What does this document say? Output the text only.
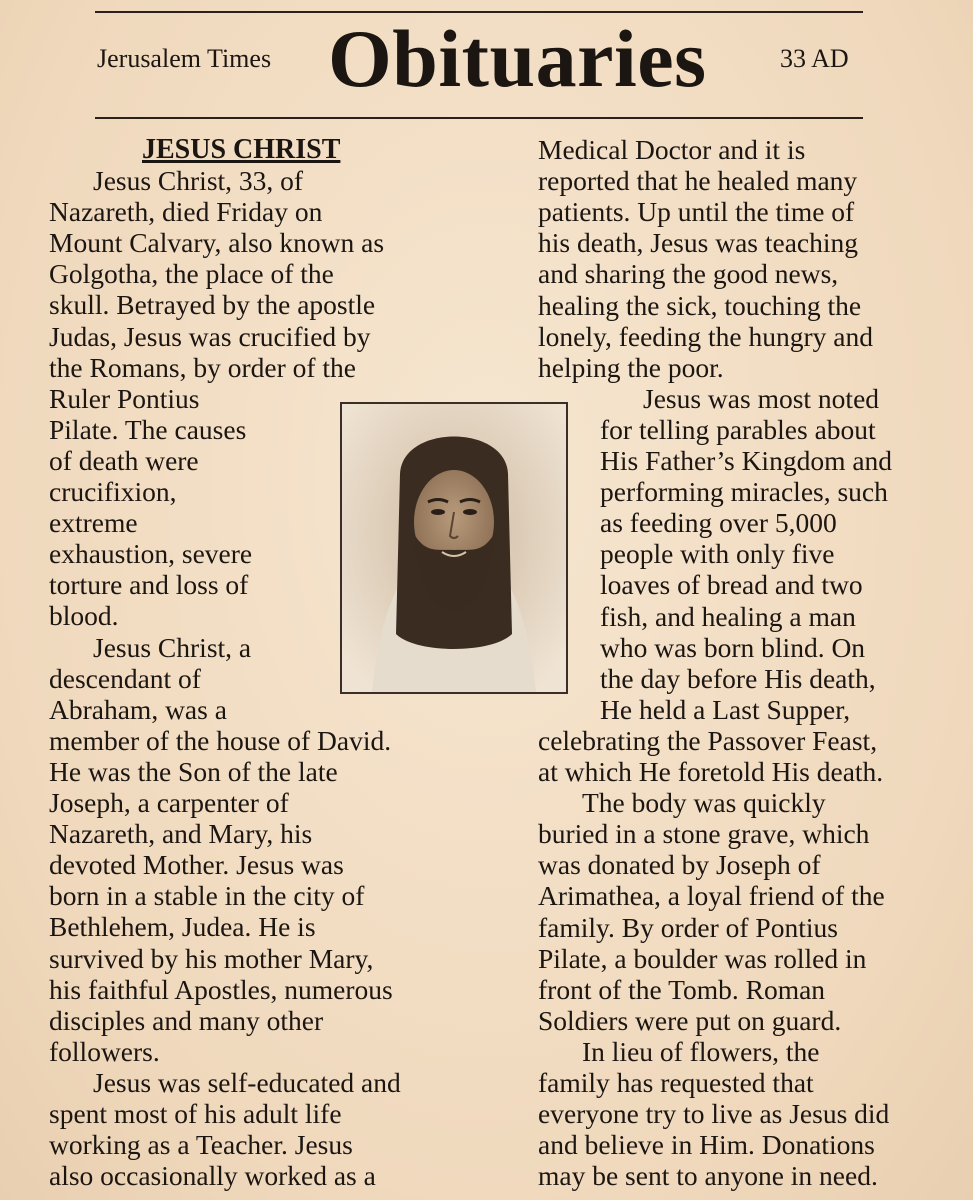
Jerusalem Times Obituaries	33 AD
JESUS CHRIST
Jesus Christ, 33, of
Nazareth, died Friday on
Mount Calvary, also known as
Golgotha, the place of the
skull. Betrayed by the apostle
Judas, Jesus was crucified by
the Romans, by order of the
Ruler Pontius
Pilate. The causes
of death were
crucifixion,
extreme
exhaustion, severe
torture and loss of
blood.
Jesus Christ, a
descendant of
Abraham, was a
member of the house of David.
He was the Son of the late
Joseph, a carpenter of
Nazareth, and Mary, his
devoted Mother. Jesus was
born in a stable in the city of
Bethlehem, Judea. He is
survived by his mother Mary,
his faithful Apostles, numerous
disciples and many other
followers.
Jesus was self-educated and
spent most of his adult life
working as a Teacher. Jesus
also occasionally worked as a
Medical Doctor and it is
reported that he healed many
patients. Up until the time of
his death, Jesus was teaching
and sharing the good news,
healing the sick, touching the
lonely, feeding the hungry and
helping the poor.
Jesus was most noted
for telling parables about
His Father’s Kingdom and
performing miracles, such
as feeding over 5,000
people with only five
loaves of bread and two
fish, and healing a man
who was born blind. On
the day before His death,
He held a Last Supper,
celebrating the Passover Feast,
at which He foretold His death.
The body was quickly
buried in a stone grave, which
was donated by Joseph of
Arimathea, a loyal friend of the
family. By order of Pontius
Pilate, a boulder was rolled in
front of the Tomb. Roman
Soldiers were put on guard.
In lieu of flowers, the
family has requested that
everyone try to live as Jesus did
and believe in Him. Donations
may be sent to anyone in need.
